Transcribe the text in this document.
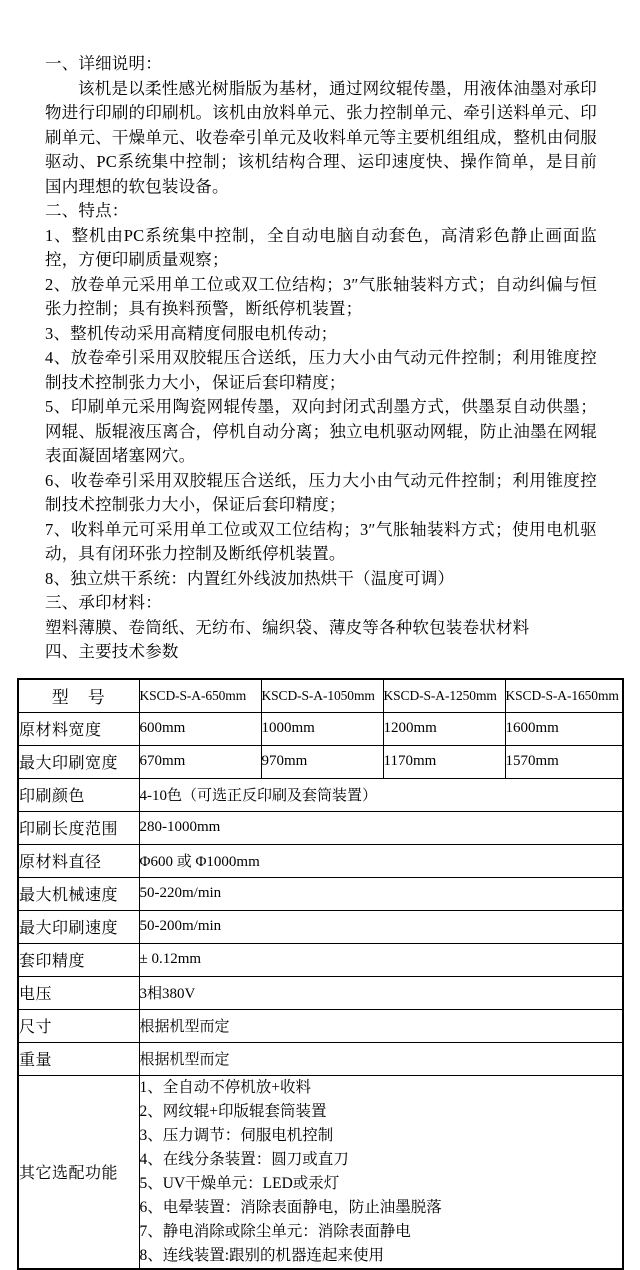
一、详细说明：

该机是以柔性感光树脂版为基材，通过网纹辊传墨，用液体油墨对承印物进行印刷的印刷机。该机由放料单元、张力控制单元、牵引送料单元、印刷单元、干燥单元、收卷牵引单元及收料单元等主要机组组成，整机由伺服驱动、PC系统集中控制；该机结构合理、运印速度快、操作简单，是目前国内理想的软包装设备。

二、特点：

1、整机由PC系统集中控制，全自动电脑自动套色，高清彩色静止画面监控，方便印刷质量观察；

2、放卷单元采用单工位或双工位结构；3″气胀轴装料方式；自动纠偏与恒张力控制；具有换料预警，断纸停机装置；

3、整机传动采用高精度伺服电机传动；

4、放卷牵引采用双胶辊压合送纸，压力大小由气动元件控制；利用锥度控制技术控制张力大小，保证后套印精度；

5、印刷单元采用陶瓷网辊传墨，双向封闭式刮墨方式，供墨泵自动供墨；网辊、版辊液压离合，停机自动分离；独立电机驱动网辊，防止油墨在网辊表面凝固堵塞网穴。

6、收卷牵引采用双胶辊压合送纸，压力大小由气动元件控制；利用锥度控制技术控制张力大小，保证后套印精度；

7、收料单元可采用单工位或双工位结构；3″气胀轴装料方式；使用电机驱动，具有闭环张力控制及断纸停机装置。

8、独立烘干系统：内置红外线波加热烘干（温度可调）

三、承印材料：

塑料薄膜、卷筒纸、无纺布、编织袋、薄皮等各种软包装卷状材料

四、主要技术参数

型　号	KSCD-S-A-650mm	KSCD-S-A-1050mm	KSCD-S-A-1250mm	KSCD-S-A-1650mm
原材料宽度	600mm	1000mm	1200mm	1600mm
最大印刷宽度	670mm	970mm	1170mm	1570mm
印刷颜色	4-10色（可选正反印刷及套筒装置）			
印刷长度范围	280-1000mm			
原材料直径	Φ600 或 Φ1000mm			
最大机械速度	50-220m/min			
最大印刷速度	50-200m/min			
套印精度	± 0.12mm			
电压	3相380V			
尺寸	根据机型而定			
重量	根据机型而定			
其它选配功能	
1、全自动不停机放+收料
2、网纹辊+印版辊套筒装置
3、压力调节：伺服电机控制
4、在线分条装置：圆刀或直刀
5、UV干燥单元：LED或汞灯
6、电晕装置：消除表面静电，防止油墨脱落
7、静电消除或除尘单元：消除表面静电
8、连线装置:跟别的机器连起来使用
